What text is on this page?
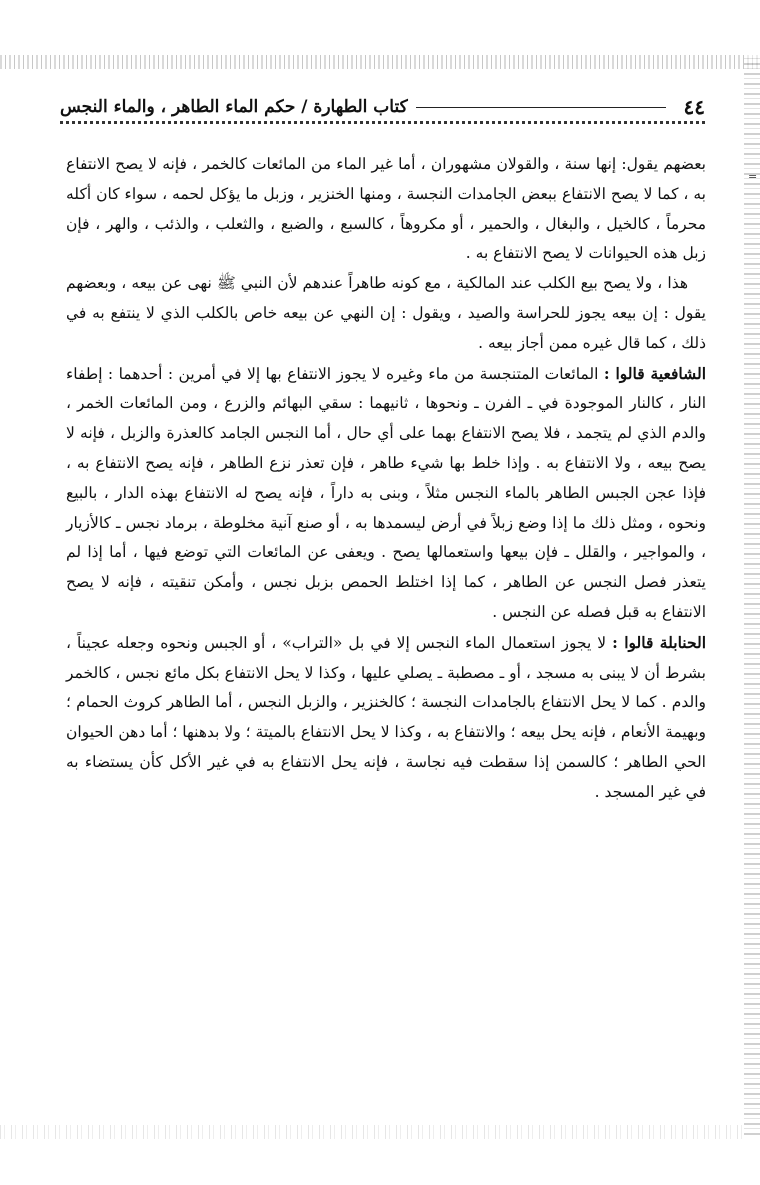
٤٤
كتاب الطهارة / حكم الماء الطاهر ، والماء النجس
=

بعضهم يقول: إنها سنة ، والقولان مشهوران ، أما غير الماء من المائعات كالخمر ، فإنه لا يصح الانتفاع به ، كما لا يصح الانتفاع ببعض الجامدات النجسة ، ومنها الخنزير ، وزبل ما يؤكل لحمه ، سواء كان أكله محرماً ، كالخيل ، والبغال ، والحمير ، أو مكروهاً ، كالسبع ، والضبع ، والثعلب ، والذئب ، والهر ، فإن زبل هذه الحيوانات لا يصح الانتفاع به .

هذا ، ولا يصح بيع الكلب عند المالكية ، مع كونه طاهراً عندهم لأن النبي ﷺ نهى عن بيعه ، وبعضهم يقول : إن بيعه يجوز للحراسة والصيد ، ويقول : إن النهي عن بيعه خاص بالكلب الذي لا ينتفع به في ذلك ، كما قال غيره ممن أجاز بيعه .

الشافعية قالوا : المائعات المتنجسة من ماء وغيره لا يجوز الانتفاع بها إلا في أمرين : أحدهما : إطفاء النار ، كالنار الموجودة في ـ الفرن ـ ونحوها ، ثانيهما : سقي البهائم والزرع ، ومن المائعات الخمر ، والدم الذي لم يتجمد ، فلا يصح الانتفاع بهما على أي حال ، أما النجس الجامد كالعذرة والزبل ، فإنه لا يصح بيعه ، ولا الانتفاع به . وإذا خلط بها شيء طاهر ، فإن تعذر نزع الطاهر ، فإنه يصح الانتفاع به ، فإذا عجن الجبس الطاهر بالماء النجس مثلاً ، وبنى به داراً ، فإنه يصح له الانتفاع بهذه الدار ، بالبيع ونحوه ، ومثل ذلك ما إذا وضع زبلاً في أرض ليسمدها به ، أو صنع آنية مخلوطة ، برماد نجس ـ كالأزيار ، والمواجير ، والقلل ـ فإن بيعها واستعمالها يصح . ويعفى عن المائعات التي توضع فيها ، أما إذا لم يتعذر فصل النجس عن الطاهر ، كما إذا اختلط الحمص بزبل نجس ، وأمكن تنقيته ، فإنه لا يصح الانتفاع به قبل فصله عن النجس .

الحنابلة قالوا : لا يجوز استعمال الماء النجس إلا في بل «التراب» ، أو الجبس ونحوه وجعله عجيناً ، بشرط أن لا يبنى به مسجد ، أو ـ مصطبة ـ يصلي عليها ، وكذا لا يحل الانتفاع بكل مائع نجس ، كالخمر والدم . كما لا يحل الانتفاع بالجامدات النجسة ؛ كالخنزير ، والزبل النجس ، أما الطاهر كروث الحمام ؛ وبهيمة الأنعام ، فإنه يحل بيعه ؛ والانتفاع به ، وكذا لا يحل الانتفاع بالميتة ؛ ولا بدهنها ؛ أما دهن الحيوان الحي الطاهر ؛ كالسمن إذا سقطت فيه نجاسة ، فإنه يحل الانتفاع به في غير الأكل كأن يستضاء به في غير المسجد .
